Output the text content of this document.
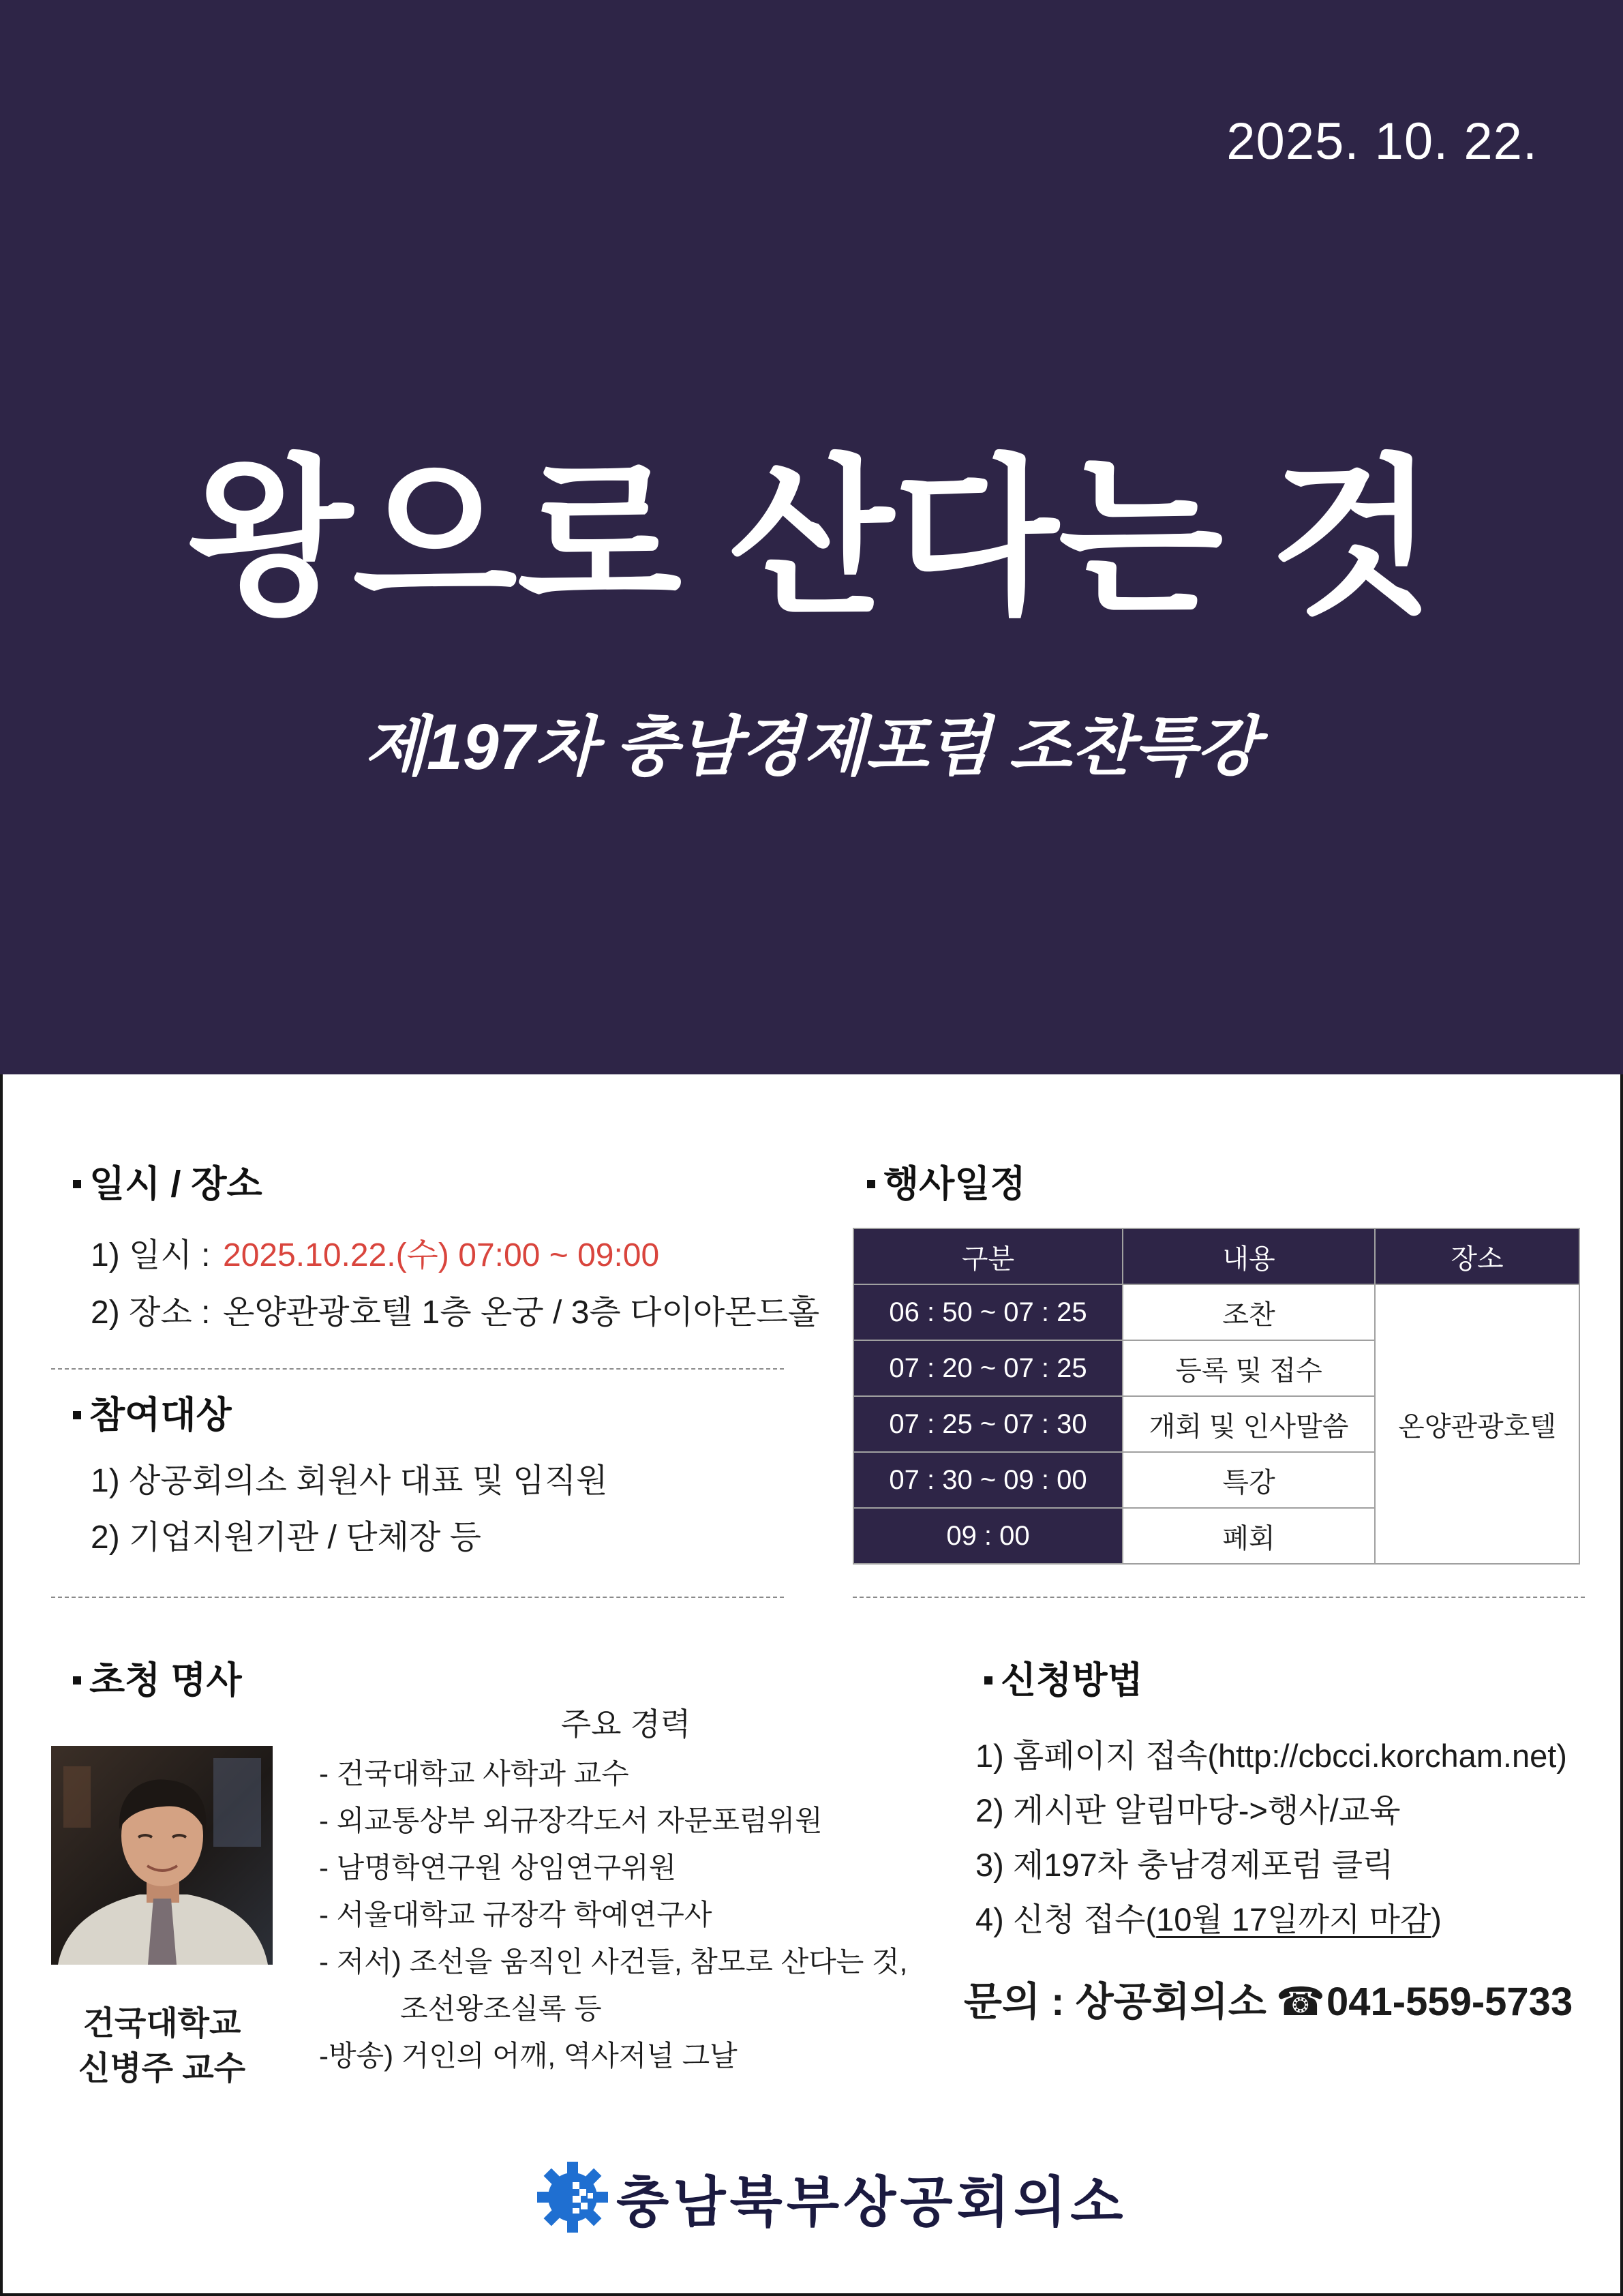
2025. 10. 22.
왕으로 산다는 것
제197차 충남경제포럼 조찬특강
일시 / 장소
1) 일시 : 2025.10.22.(수) 07:00 ~ 09:00
2) 장소 : 온양관광호텔 1층 온궁 / 3층 다이아몬드홀
참여대상
1) 상공회의소 회원사 대표 및 임직원
2) 기업지원기관 / 단체장 등
행사일정
구분	내용	장소
06 : 50 ~ 07 : 25	조찬	온양관광호텔
07 : 20 ~ 07 : 25	등록 및 접수	
07 : 25 ~ 07 : 30	개회 및 인사말씀	
07 : 30 ~ 09 : 00	특강	
09 : 00	폐회	
초청 명사
건국대학교
신병주 교수
주요 경력
- 건국대학교 사학과 교수
- 외교통상부 외규장각도서 자문포럼위원
- 남명학연구원 상임연구위원
- 서울대학교 규장각 학예연구사
- 저서) 조선을 움직인 사건들, 참모로 산다는 것,
조선왕조실록 등
-방송) 거인의 어깨, 역사저널 그날
신청방법
1) 홈페이지 접속(http://cbcci.korcham.net)
2) 게시판 알림마당->행사/교육
3) 제197차 충남경제포럼 클릭
4) 신청 접수(10월 17일까지 마감)
문의 : 상공회의소 ☎041-559-5733
충남북부상공회의소
